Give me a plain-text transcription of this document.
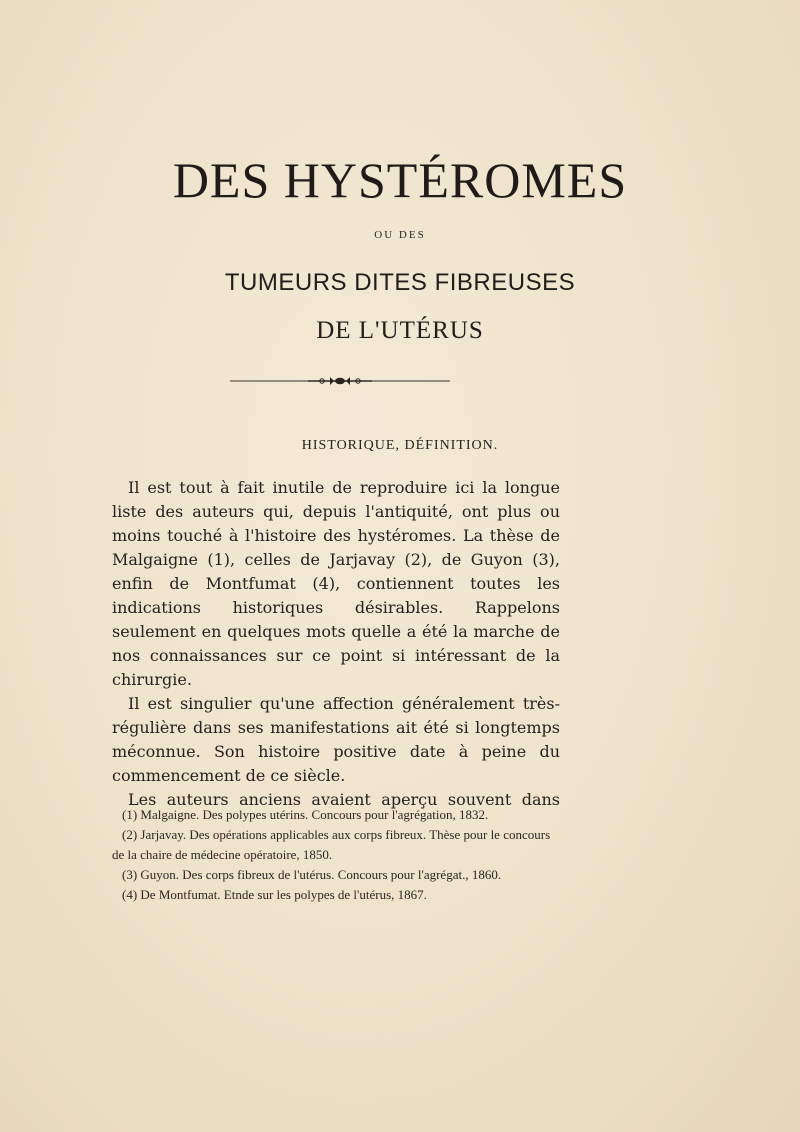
DES HYSTÉROMES
OU DES
TUMEURS DITES FIBREUSES
DE L'UTÉRUS
HISTORIQUE, DÉFINITION.

Il est tout à fait inutile de reproduire ici la longue liste des auteurs qui, depuis l'antiquité, ont plus ou moins touché à l'histoire des hystéromes. La thèse de Malgaigne (1), celles de Jarjavay (2), de Guyon (3), enfin de Montfumat (4), contiennent toutes les indications historiques désirables. Rappelons seulement en quelques mots quelle a été la marche de nos connaissances sur ce point si intéressant de la chirurgie.

Il est singulier qu'une affection généralement très-régulière dans ses manifestations ait été si longtemps méconnue. Son histoire positive date à peine du commencement de ce siècle.

Les auteurs anciens avaient aperçu souvent dans

(1) Malgaigne. Des polypes utérins. Concours pour l'agrégation, 1832.

(2) Jarjavay. Des opérations applicables aux corps fibreux. Thèse pour le concours de la chaire de médecine opératoire, 1850.

(3) Guyon. Des corps fibreux de l'utérus. Concours pour l'agrégat., 1860.

(4) De Montfumat. Etnde sur les polypes de l'utérus, 1867.
